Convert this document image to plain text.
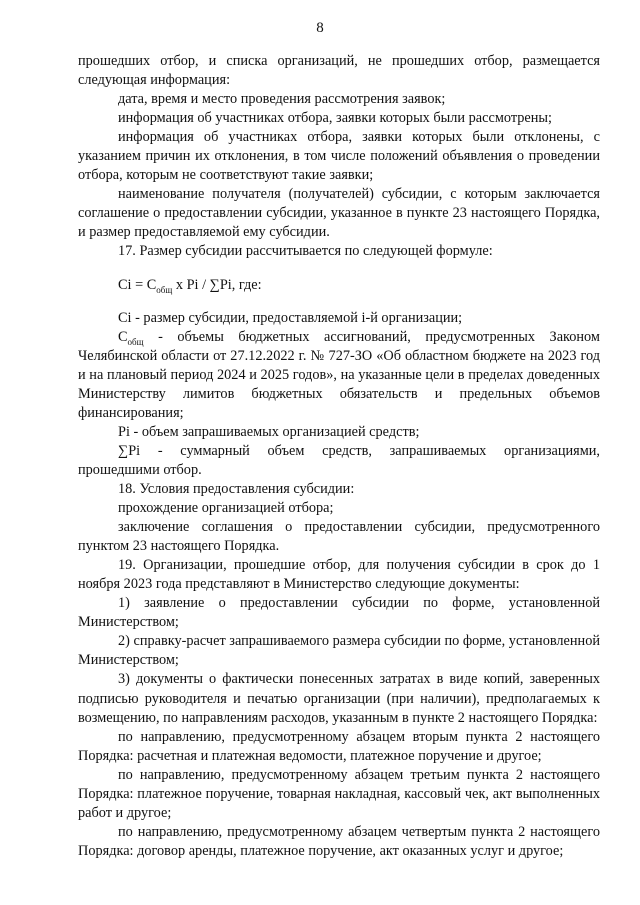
8

прошедших отбор, и списка организаций, не прошедших отбор, размещается следующая информация:

дата, время и место проведения рассмотрения заявок;

информация об участниках отбора, заявки которых были рассмотрены;

информация об участниках отбора, заявки которых были отклонены, с указанием причин их отклонения, в том числе положений объявления о проведении отбора, которым не соответствуют такие заявки;

наименование получателя (получателей) субсидии, с которым заключается соглашение о предоставлении субсидии, указанное в пункте 23 настоящего Порядка, и размер предоставляемой ему субсидии.

17. Размер субсидии рассчитывается по следующей формуле:

$Ci = С_{общ}$ x Pi / ∑Pi, где:

Ci - размер субсидии, предоставляемой i-й организации;

$С_{общ}$ - объемы бюджетных ассигнований, предусмотренных Законом Челябинской области от 27.12.2022 г. № 727-ЗО «Об областном бюджете на 2023 год и на плановый период 2024 и 2025 годов», на указанные цели в пределах доведенных Министерству лимитов бюджетных обязательств и предельных объемов финансирования;

Pi - объем запрашиваемых организацией средств;

∑Pi - суммарный объем средств, запрашиваемых организациями, прошедшими отбор.

18. Условия предоставления субсидии:

прохождение организацией отбора;

заключение соглашения о предоставлении субсидии, предусмотренного пунктом 23 настоящего Порядка.

19. Организации, прошедшие отбор, для получения субсидии в срок до 1 ноября 2023 года представляют в Министерство следующие документы:

1) заявление о предоставлении субсидии по форме, установленной Министерством;

2) справку-расчет запрашиваемого размера субсидии по форме, установленной Министерством;

3) документы о фактически понесенных затратах в виде копий, заверенных подписью руководителя и печатью организации (при наличии), предполагаемых к возмещению, по направлениям расходов, указанным в пункте 2 настоящего Порядка:

по направлению, предусмотренному абзацем вторым пункта 2 настоящего Порядка: расчетная и платежная ведомости, платежное поручение и другое;

по направлению, предусмотренному абзацем третьим пункта 2 настоящего Порядка: платежное поручение, товарная накладная, кассовый чек, акт выполненных работ и другое;

по направлению, предусмотренному абзацем четвертым пункта 2 настоящего Порядка: договор аренды, платежное поручение, акт оказанных услуг и другое;
